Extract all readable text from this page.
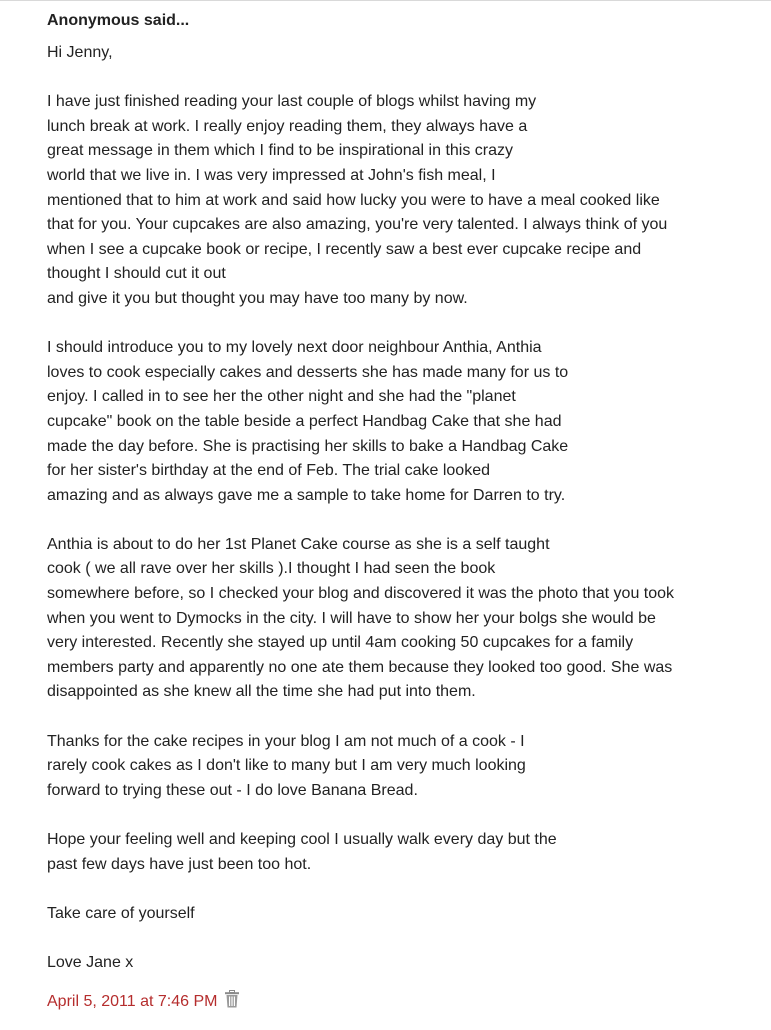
Anonymous said...
Hi Jenny,
I have just finished reading your last couple of blogs whilst having my
lunch break at work. I really enjoy reading them, they always have a
great message in them which I find to be inspirational in this crazy
world that we live in. I was very impressed at John's fish meal, I
mentioned that to him at work and said how lucky you were to have a meal cooked like
that for you. Your cupcakes are also amazing, you're very talented. I always think of you
when I see a cupcake book or recipe, I recently saw a best ever cupcake recipe and
thought I should cut it out
and give it you but thought you may have too many by now.
I should introduce you to my lovely next door neighbour Anthia, Anthia
loves to cook especially cakes and desserts she has made many for us to
enjoy. I called in to see her the other night and she had the "planet
cupcake" book on the table beside a perfect Handbag Cake that she had
made the day before. She is practising her skills to bake a Handbag Cake
for her sister's birthday at the end of Feb. The trial cake looked
amazing and as always gave me a sample to take home for Darren to try.
Anthia is about to do her 1st Planet Cake course as she is a self taught
cook ( we all rave over her skills ).I thought I had seen the book
somewhere before, so I checked your blog and discovered it was the photo that you took
when you went to Dymocks in the city. I will have to show her your bolgs she would be
very interested. Recently she stayed up until 4am cooking 50 cupcakes for a family
members party and apparently no one ate them because they looked too good. She was
disappointed as she knew all the time she had put into them.
Thanks for the cake recipes in your blog I am not much of a cook - I
rarely cook cakes as I don't like to many but I am very much looking
forward to trying these out - I do love Banana Bread.
Hope your feeling well and keeping cool I usually walk every day but the
past few days have just been too hot.
Take care of yourself
Love Jane x
April 5, 2011 at 7:46 PM
